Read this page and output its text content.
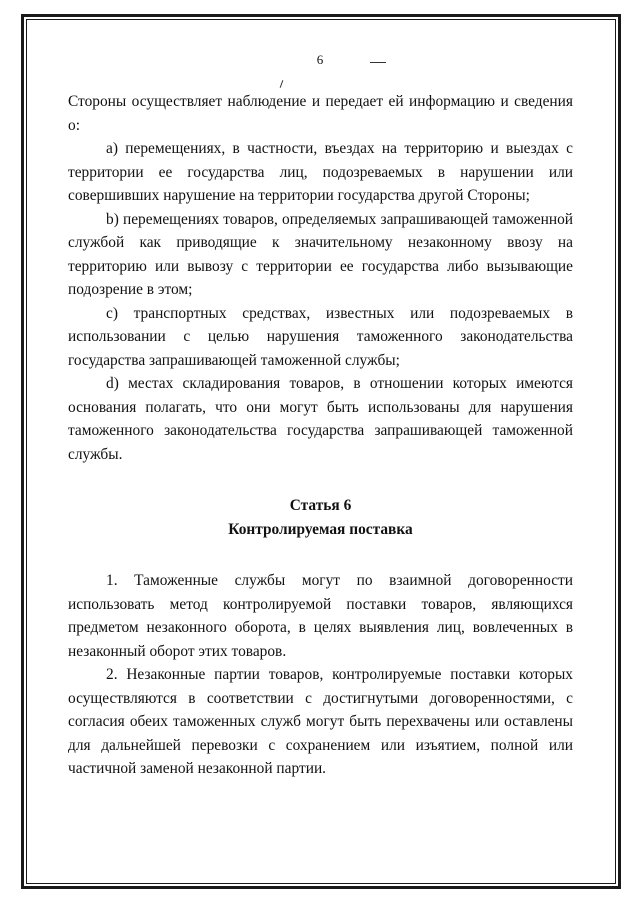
6

Стороны осуществляет наблюдение и передает ей информацию и сведения о:

а) перемещениях, в частности, въездах на территорию и выездах с территории ее государства лиц, подозреваемых в нарушении или совершивших нарушение на территории государства другой Стороны;

b) перемещениях товаров, определяемых запрашивающей таможенной службой как приводящие к значительному незаконному ввозу на территорию или вывозу с территории ее государства либо вызывающие подозрение в этом;

с) транспортных средствах, известных или подозреваемых в использовании с целью нарушения таможенного законодательства государства запрашивающей таможенной службы;

d) местах складирования товаров, в отношении которых имеются основания полагать, что они могут быть использованы для нарушения таможенного законодательства государства запрашивающей таможенной службы.

Статья 6

Контролируемая поставка

1. Таможенные службы могут по взаимной договоренности использовать метод контролируемой поставки товаров, являющихся предметом незаконного оборота, в целях выявления лиц, вовлеченных в незаконный оборот этих товаров.

2. Незаконные партии товаров, контролируемые поставки которых осуществляются в соответствии с достигнутыми договоренностями, с согласия обеих таможенных служб могут быть перехвачены или оставлены для дальнейшей перевозки с сохранением или изъятием, полной или частичной заменой незаконной партии.
